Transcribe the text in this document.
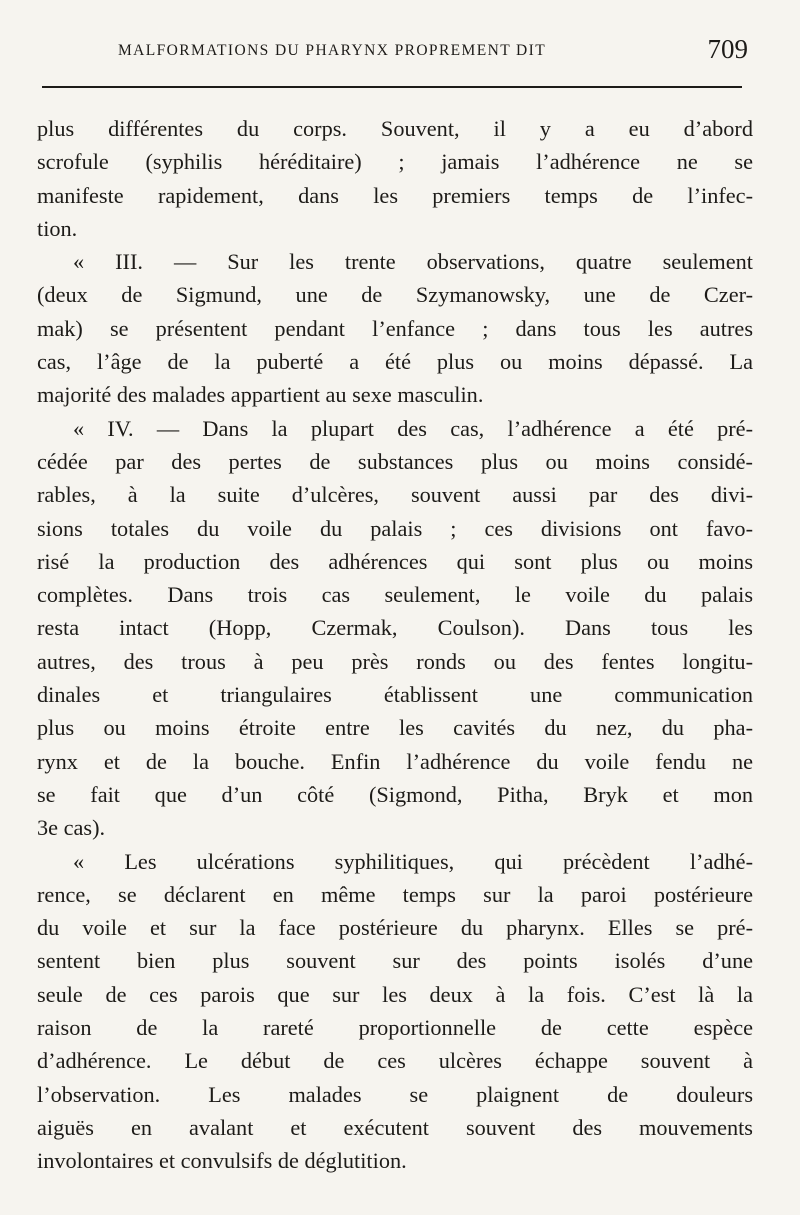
MALFORMATIONS DU PHARYNX PROPREMENT DIT	709
plus différentes du corps. Souvent, il y a eu d’abord
scrofule (syphilis héréditaire) ; jamais l’adhérence ne se
manifeste rapidement, dans les premiers temps de l’infec-
tion.
« III. — Sur les trente observations, quatre seulement
(deux de Sigmund, une de Szymanowsky, une de Czer-
mak) se présentent pendant l’enfance ; dans tous les autres
cas, l’âge de la puberté a été plus ou moins dépassé. La
majorité des malades appartient au sexe masculin.
« IV. — Dans la plupart des cas, l’adhérence a été pré-
cédée par des pertes de substances plus ou moins considé-
rables, à la suite d’ulcères, souvent aussi par des divi-
sions totales du voile du palais ; ces divisions ont favo-
risé la production des adhérences qui sont plus ou moins
complètes. Dans trois cas seulement, le voile du palais
resta intact (Hopp, Czermak, Coulson). Dans tous les
autres, des trous à peu près ronds ou des fentes longitu-
dinales et triangulaires établissent une communication
plus ou moins étroite entre les cavités du nez, du pha-
rynx et de la bouche. Enfin l’adhérence du voile fendu ne
se fait que d’un côté (Sigmond, Pitha, Bryk et mon
3e cas).
« Les ulcérations syphilitiques, qui précèdent l’adhé-
rence, se déclarent en même temps sur la paroi postérieure
du voile et sur la face postérieure du pharynx. Elles se pré-
sentent bien plus souvent sur des points isolés d’une
seule de ces parois que sur les deux à la fois. C’est là la
raison de la rareté proportionnelle de cette espèce
d’adhérence. Le début de ces ulcères échappe souvent à
l’observation. Les malades se plaignent de douleurs
aiguës en avalant et exécutent souvent des mouvements
involontaires et convulsifs de déglutition.
